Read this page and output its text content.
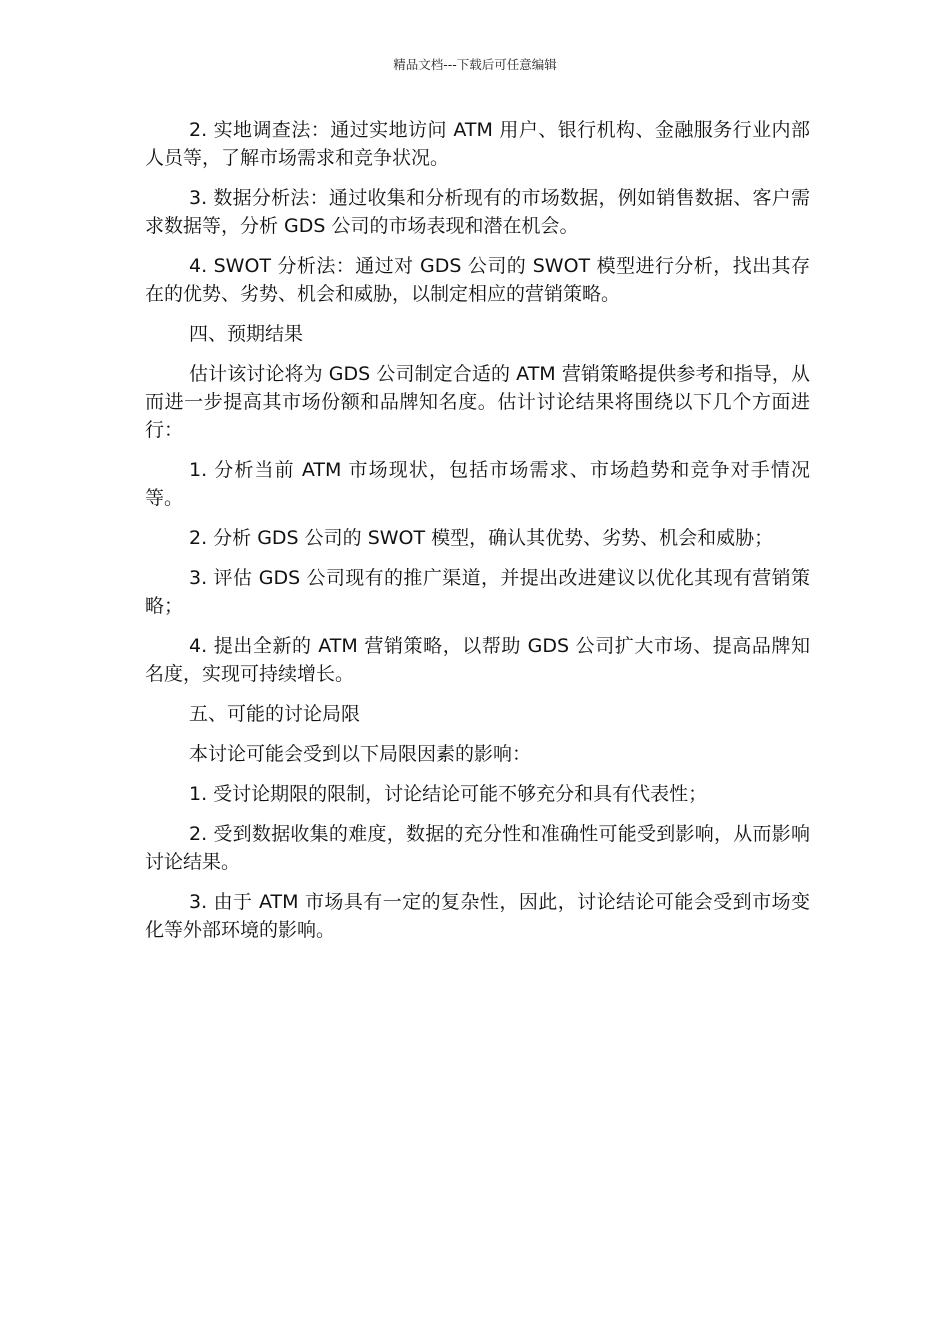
精品文档---下载后可任意编辑

2. 实地调查法：通过实地访问 ATM 用户、银行机构、金融服务行业内部人员等，了解市场需求和竞争状况。

3. 数据分析法：通过收集和分析现有的市场数据，例如销售数据、客户需求数据等，分析 GDS 公司的市场表现和潜在机会。

4. SWOT 分析法：通过对 GDS 公司的 SWOT 模型进行分析，找出其存在的优势、劣势、机会和威胁，以制定相应的营销策略。

四、预期结果

估计该讨论将为 GDS 公司制定合适的 ATM 营销策略提供参考和指导，从而进一步提高其市场份额和品牌知名度。估计讨论结果将围绕以下几个方面进行：

1. 分析当前 ATM 市场现状，包括市场需求、市场趋势和竞争对手情况等。

2. 分析 GDS 公司的 SWOT 模型，确认其优势、劣势、机会和威胁；

3. 评估 GDS 公司现有的推广渠道，并提出改进建议以优化其现有营销策略；

4. 提出全新的 ATM 营销策略，以帮助 GDS 公司扩大市场、提高品牌知名度，实现可持续增长。

五、可能的讨论局限

本讨论可能会受到以下局限因素的影响：

1. 受讨论期限的限制，讨论结论可能不够充分和具有代表性；

2. 受到数据收集的难度，数据的充分性和准确性可能受到影响，从而影响讨论结果。

3. 由于 ATM 市场具有一定的复杂性，因此，讨论结论可能会受到市场变化等外部环境的影响。
